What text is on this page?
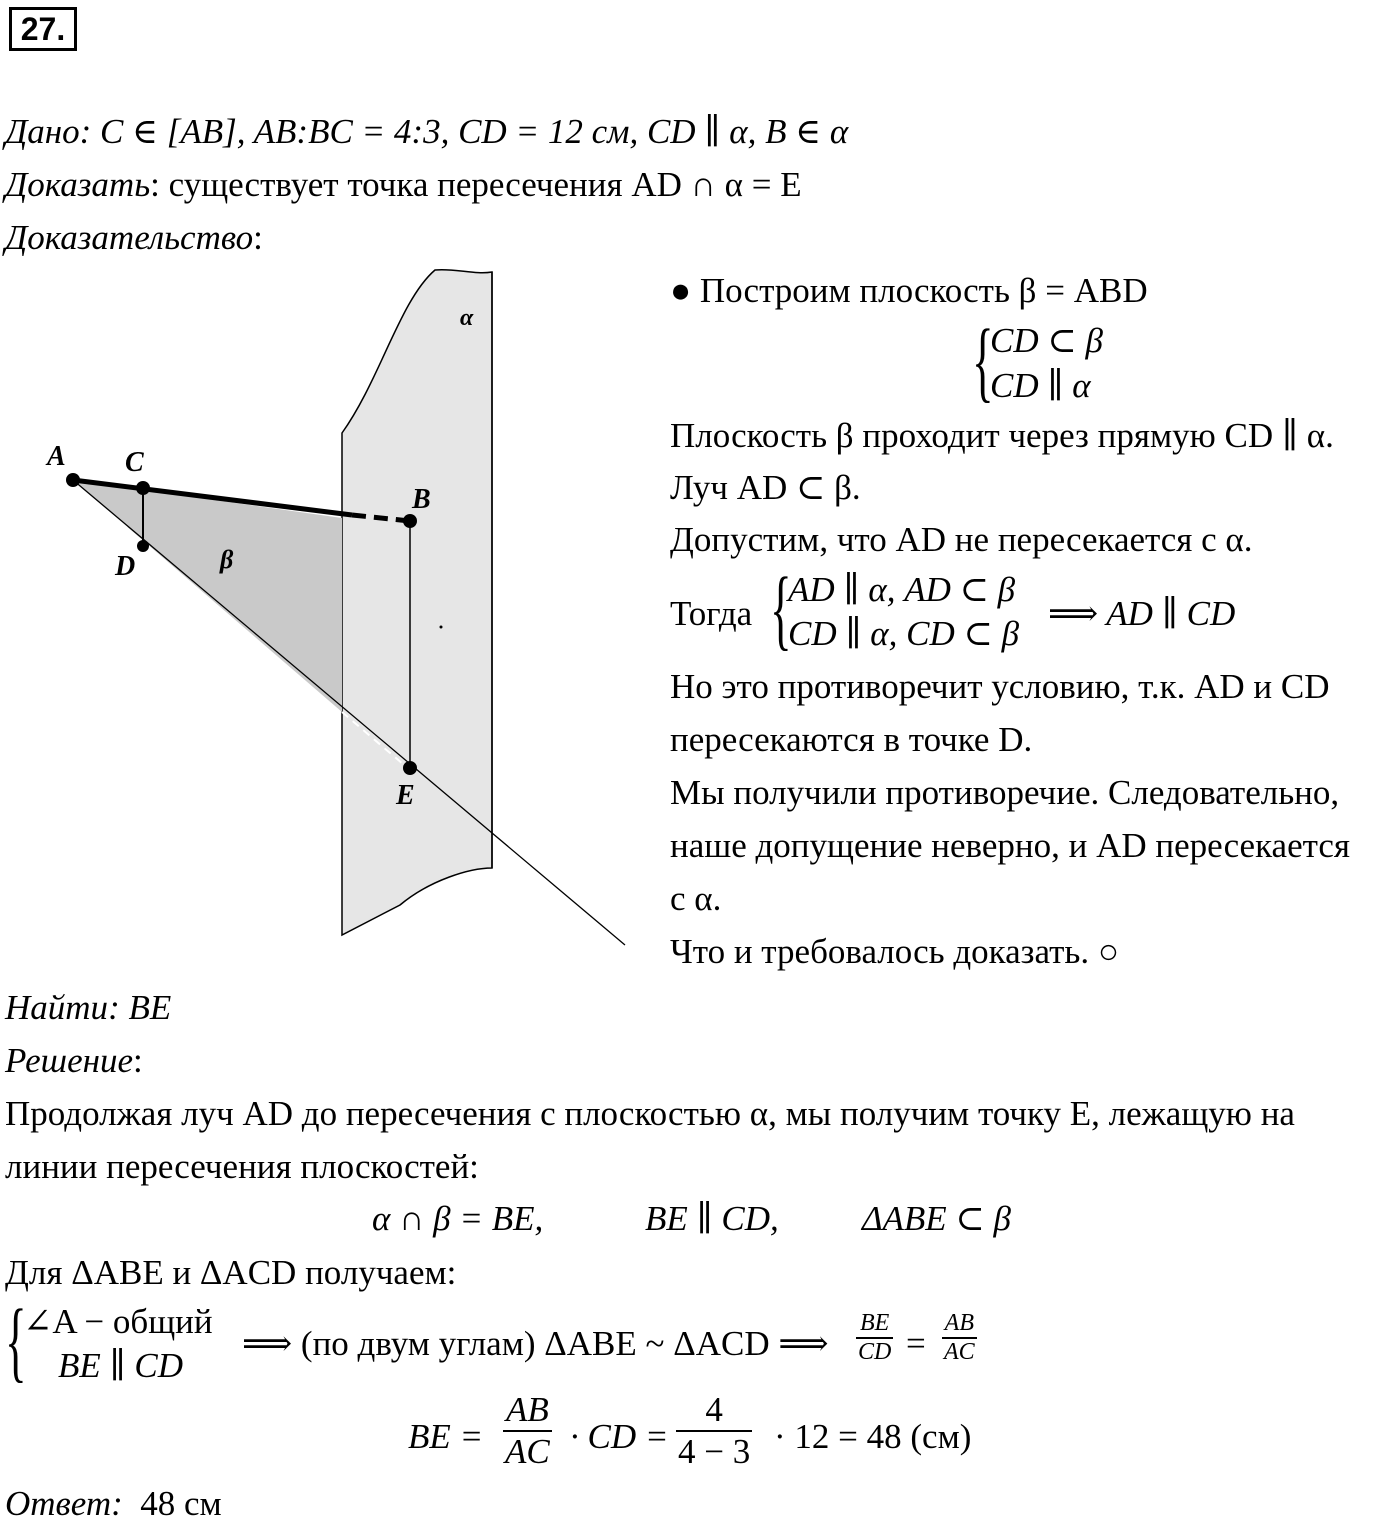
27.
Дано: C ∈ [AB], AB:BC = 4:3, CD = 12 см, CD ∥ α, B ∈ α
Доказать: существует точка пересечения AD ∩ α = E
Доказательство:
α
β
A C
D
B
E
● Построим плоскость β = ABD
{
CD ⊂ β
CD ∥ α
Плоскость β проходит через прямую CD ∥ α.
Луч AD ⊂ β.
Допустим, что AD не пересекается с α.
Тогда {
AD ∥ α, AD ⊂ β
CD ∥ α, CD ⊂ β
⟹ AD ∥ CD
Но это противоречит условию, т.к. AD и CD
пересекаются в точке D.
Мы получили противоречие. Следовательно,
наше допущение неверно, и AD пересекается
с α.
Что и требовалось доказать. ○
Найти: BE
Решение:
Продолжая луч AD до пересечения с плоскостью α, мы получим точку E, лежащую на
линии пересечения плоскостей:
α ∩ β = BE,	BE ∥ CD, ΔABE ⊂ β
Для ΔABE и ΔACD получаем:
{
∠A − общий
BE ∥ CD
⟹ (по двум углам) ΔABE ~ ΔACD ⟹
BE
CD =
AB
AC
BE =
AB
AC · CD =
4
4 − 3 · 12 = 48 (см)
Ответ: 48 см
